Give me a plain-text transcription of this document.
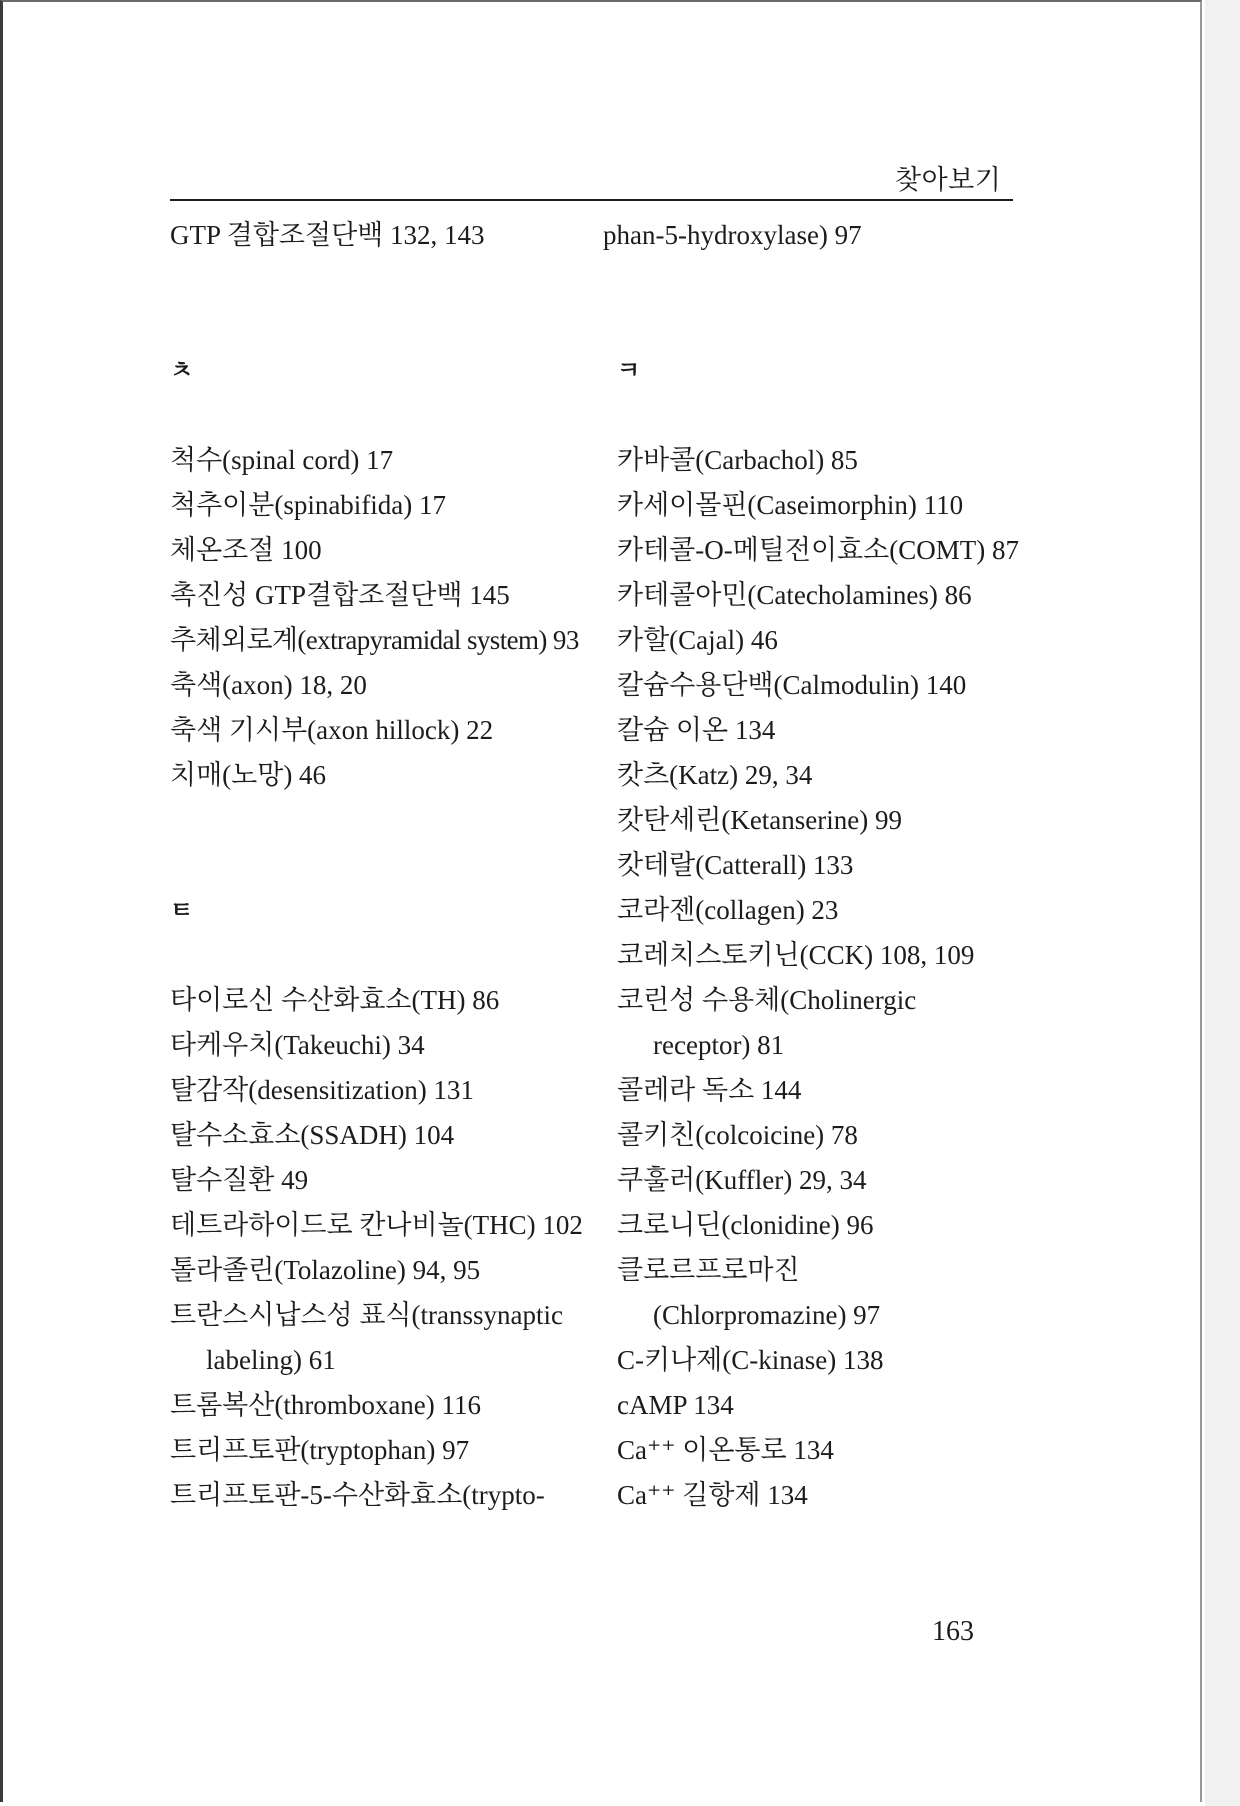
찾아보기
GTP 결합조절단백 132, 143
ㅊ
척수(spinal cord) 17
척추이분(spinabifida) 17
체온조절 100
촉진성 GTP결합조절단백 145
추체외로계(extrapyramidal system) 93
축색(axon) 18, 20
축색 기시부(axon hillock) 22
치매(노망) 46
ㅌ
타이로신 수산화효소(TH) 86
타케우치(Takeuchi) 34
탈감작(desensitization) 131
탈수소효소(SSADH) 104
탈수질환 49
테트라하이드로 칸나비놀(THC) 102
톨라졸린(Tolazoline) 94, 95
트란스시납스성 표식(transsynaptic labeling) 61
트롬복산(thromboxane) 116
트리프토판(tryptophan) 97
트리프토판-5-수산화효소(trypto-
phan-5-hydroxylase) 97
ㅋ
카바콜(Carbachol) 85
카세이몰핀(Caseimorphin) 110
카테콜-O-메틸전이효소(COMT) 87
카테콜아민(Catecholamines) 86
카할(Cajal) 46
칼슘수용단백(Calmodulin) 140
칼슘 이온 134
캇츠(Katz) 29, 34
캇탄세린(Ketanserine) 99
캇테랄(Catterall) 133
코라젠(collagen) 23
코레치스토키닌(CCK) 108, 109
코린성 수용체(Cholinergic receptor) 81
콜레라 독소 144
콜키친(colcoicine) 78
쿠훌러(Kuffler) 29, 34
크로니딘(clonidine) 96
클로르프로마진 (Chlorpromazine) 97
C-키나제(C-kinase) 138
cAMP 134
Ca⁺⁺ 이온통로 134
Ca⁺⁺ 길항제 134
163
